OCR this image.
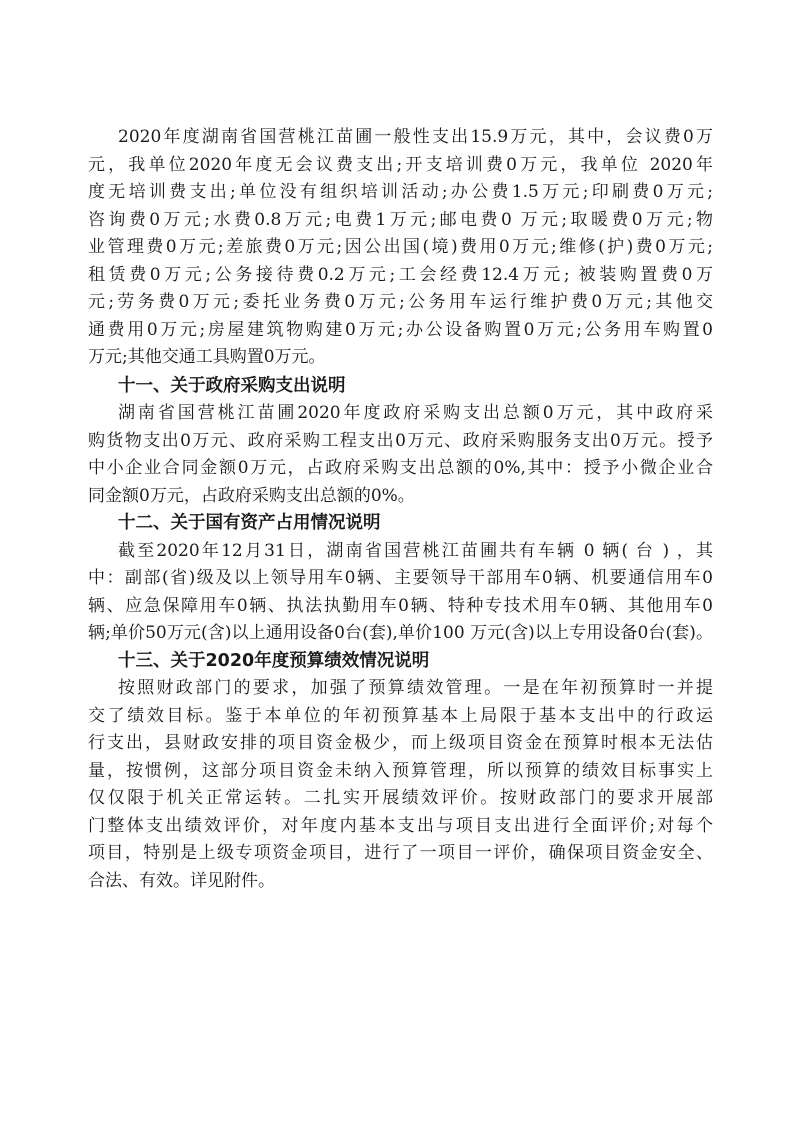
2020年度湖南省国营桃江苗圃一般性支出15.9万元，其中，会议费0万
元，我单位2020年度无会议费支出;开支培训费0万元，我单位 2020年
度无培训费支出;单位没有组织培训活动;办公费1.5万元;印刷费0万元;
咨询费0万元;水费0.8万元;电费1万元;邮电费0 万元;取暖费0万元;物
业管理费0万元;差旅费0万元;因公出国(境)费用0万元;维修(护)费0万元;
租赁费0万元;公务接待费0.2万元;工会经费12.4万元; 被装购置费0万
元;劳务费0万元;委托业务费0万元;公务用车运行维护费0万元;其他交
通费用0万元;房屋建筑物购建0万元;办公设备购置0万元;公务用车购置0
万元;其他交通工具购置0万元。
十一、关于政府采购支出说明
湖南省国营桃江苗圃2020年度政府采购支出总额0万元，其中政府采
购货物支出0万元、政府采购工程支出0万元、政府采购服务支出0万元。授予
中小企业合同金额0万元，占政府采购支出总额的0%,其中：授予小微企业合
同金额0万元，占政府采购支出总额的0%。
十二、关于国有资产占用情况说明
截至2020年12月31日，湖南省国营桃江苗圃共有车辆 0 辆( 台 ) ，其
中：副部(省)级及以上领导用车0辆、主要领导干部用车0辆、机要通信用车0
辆、应急保障用车0辆、执法执勤用车0辆、特种专技术用车0辆、其他用车0
辆;单价50万元(含)以上通用设备0台(套),单价100 万元(含)以上专用设备0台(套)。
十三、关于2020年度预算绩效情况说明
按照财政部门的要求，加强了预算绩效管理。一是在年初预算时一并提
交了绩效目标。鉴于本单位的年初预算基本上局限于基本支出中的行政运
行支出，县财政安排的项目资金极少，而上级项目资金在预算时根本无法估
量，按惯例，这部分项目资金未纳入预算管理，所以预算的绩效目标事实上
仅仅限于机关正常运转。二扎实开展绩效评价。按财政部门的要求开展部
门整体支出绩效评价，对年度内基本支出与项目支出进行全面评价;对每个
项目，特别是上级专项资金项目，进行了一项目一评价，确保项目资金安全、
合法、有效。详见附件。
